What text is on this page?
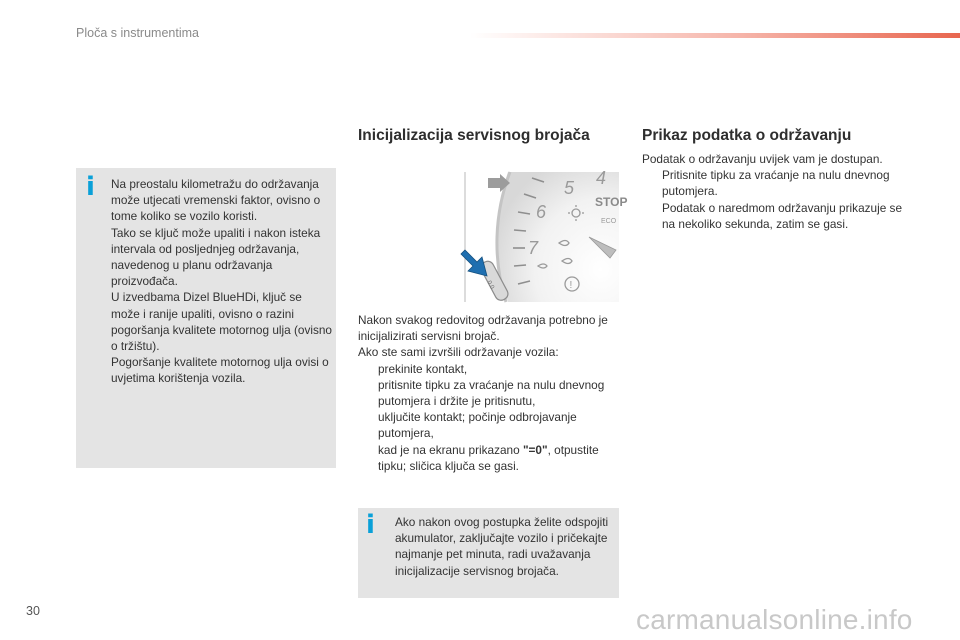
Ploča s instrumentima
i Na preostalu kilometražu do održavanja može utjecati vremenski faktor, ovisno o tome koliko se vozilo koristi.

Tako se ključ može upaliti i nakon isteka intervala od posljednjeg održavanja, navedenog u planu održavanja proizvođača.

U izvedbama Dizel BlueHDi, ključ se može i ranije upaliti, ovisno o razini pogoršanja kvalitete motornog ulja (ovisno o tržištu).

Pogoršanje kvalitete motornog ulja ovisi o uvjetima korištenja vozila.

Inicijalizacija servisnog brojača
4
5
6
7
STOP
ECO
!
0.0

Nakon svakog redovitog održavanja potrebno je inicijalizirati servisni brojač.

Ako ste sami izvršili održavanje vozila:

prekinite kontakt,
pritisnite tipku za vraćanje na nulu dnevnog putomjera i držite je pritisnutu,
uključite kontakt; počinje odbrojavanje putomjera,
kad je na ekranu prikazano "=0", otpustite tipku; sličica ključa se gasi.
i Ako nakon ovog postupka želite odspojiti akumulator, zaključajte vozilo i pričekajte najmanje pet minuta, radi uvažavanja inicijalizacije servisnog brojača.

Prikaz podatka o održavanju

Podatak o održavanju uvijek vam je dostupan.

Pritisnite tipku za vraćanje na nulu dnevnog putomjera.
Podatak o naredmom održavanju prikazuje se na nekoliko sekunda, zatim se gasi.
30	carmanualsonline.info
